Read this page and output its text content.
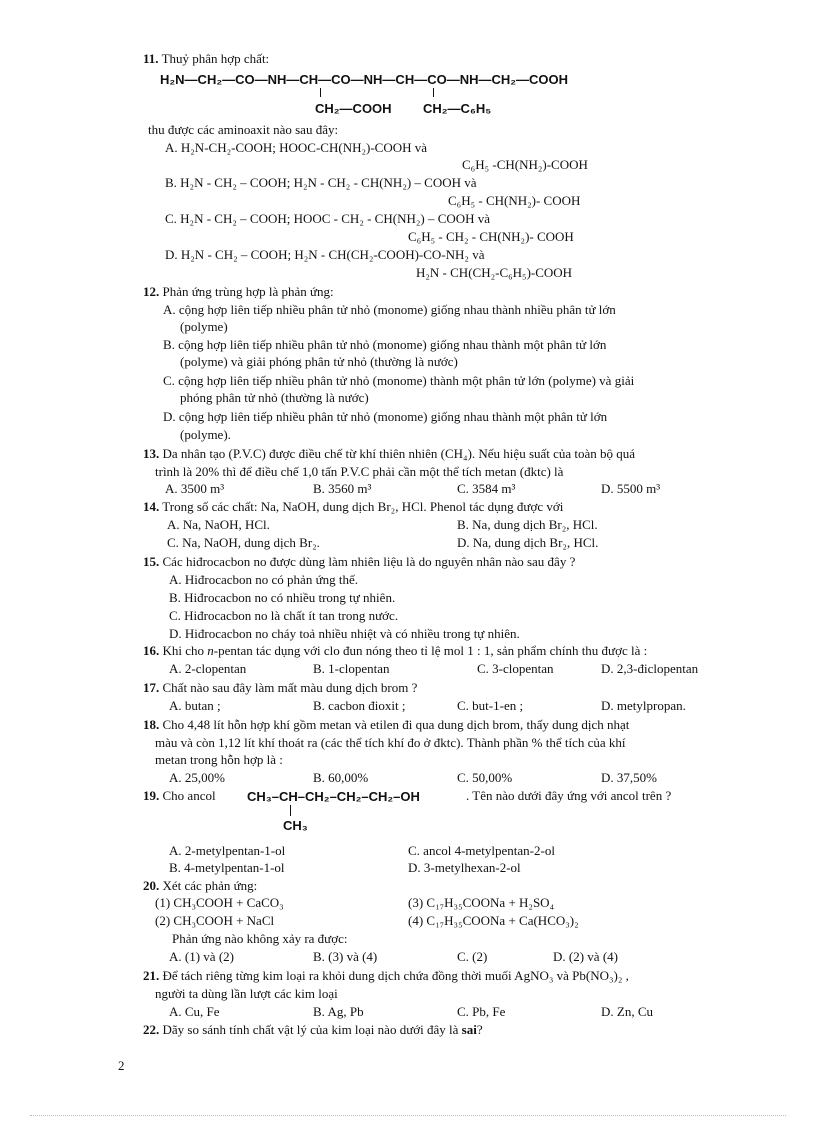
11. Thuỷ phân hợp chất:
H₂N—CH₂—CO—NH—CH—CO—NH—CH—CO—NH—CH₂—COOH
CH₂—COOH CH₂—C₆H₅
thu được các aminoaxit nào sau đây:
A. H₂N-CH₂-COOH; HOOC-CH(NH₂)-COOH và
C₆H₅ -CH(NH₂)-COOH
B. H₂N - CH₂ – COOH; H₂N - CH₂ - CH(NH₂) – COOH và
C₆H₅ - CH(NH₂)- COOH
C. H₂N - CH₂ – COOH; HOOC - CH₂ - CH(NH₂) – COOH và
C₆H₅ - CH₂ - CH(NH₂)- COOH
D. H₂N - CH₂ – COOH; H₂N - CH(CH₂-COOH)-CO-NH₂ và
H₂N - CH(CH₂-C₆H₅)-COOH
12. Phản ứng trùng hợp là phản ứng:
A. cộng hợp liên tiếp nhiều phân tử nhỏ (monome) giống nhau thành nhiều phân tử lớn
(polyme)
B. cộng hợp liên tiếp nhiều phân tử nhỏ (monome) giống nhau thành một phân tử lớn
(polyme) và giải phóng phân tử nhỏ (thường là nước)
C. cộng hợp liên tiếp nhiều phân tử nhỏ (monome) thành một phân tử lớn (polyme) và giải
phóng phân tử nhỏ (thường là nước)
D. cộng hợp liên tiếp nhiều phân tử nhỏ (monome) giống nhau thành một phân tử lớn
(polyme).
13. Da nhân tạo (P.V.C) được điều chế từ khí thiên nhiên (CH₄). Nếu hiệu suất của toàn bộ quá
trình là 20% thì để điều chế 1,0 tấn P.V.C phải cần một thể tích metan (đktc) là
A. 3500 m³	B. 3560 m³	C. 3584 m³	D. 5500 m³
14. Trong số các chất: Na, NaOH, dung dịch Br₂, HCl. Phenol tác dụng được với
A. Na, NaOH, HCl.	B. Na, dung dịch Br₂, HCl.
C. Na, NaOH, dung dịch Br₂.	D. Na, dung dịch Br₂, HCl.
15. Các hiđrocacbon no được dùng làm nhiên liệu là do nguyên nhân nào sau đây ?
A. Hiđrocacbon no có phản ứng thế.
B. Hiđrocacbon no có nhiều trong tự nhiên.
C. Hiđrocacbon no là chất ít tan trong nước.
D. Hiđrocacbon no cháy toả nhiều nhiệt và có nhiều trong tự nhiên.
16. Khi cho n-pentan tác dụng với clo đun nóng theo tỉ lệ mol 1 : 1, sản phẩm chính thu được là :
A. 2-clopentan	B. 1-clopentan	C. 3-clopentan	D. 2,3-điclopentan
17. Chất nào sau đây làm mất màu dung dịch brom ?
A. butan ;	B. cacbon đioxit ;	C. but-1-en ;	D. metylpropan.
18. Cho 4,48 lít hỗn hợp khí gồm metan và etilen đi qua dung dịch brom, thấy dung dịch nhạt
màu và còn 1,12 lít khí thoát ra (các thể tích khí đo ở đktc). Thành phần % thể tích của khí
metan trong hỗn hợp là :
A. 25,00%	B. 60,00%	C. 50,00%	D. 37,50%
19. Cho ancol CH₃–CH–CH₂–CH₂–CH₂–OH	. Tên nào dưới đây ứng với ancol trên ?
CH₃
A. 2-metylpentan-1-ol	C. ancol 4-metylpentan-2-ol
B. 4-metylpentan-1-ol	D. 3-metylhexan-2-ol
20. Xét các phản ứng:
(1) CH₃COOH + CaCO₃	(3) C₁₇H₃₅COONa + H₂SO₄
(2) CH₃COOH + NaCl	(4) C₁₇H₃₅COONa + Ca(HCO₃)₂
Phản ứng nào không xảy ra được:
A. (1) và (2)	B. (3) và (4)	C. (2)	D. (2) và (4)
21. Để tách riêng từng kim loại ra khỏi dung dịch chứa đồng thời muối AgNO₃ và Pb(NO₃)₂ ,
người ta dùng lần lượt các kim loại
A. Cu, Fe	B. Ag, Pb	C. Pb, Fe	D. Zn, Cu
22. Dãy so sánh tính chất vật lý của kim loại nào dưới đây là sai?
2
